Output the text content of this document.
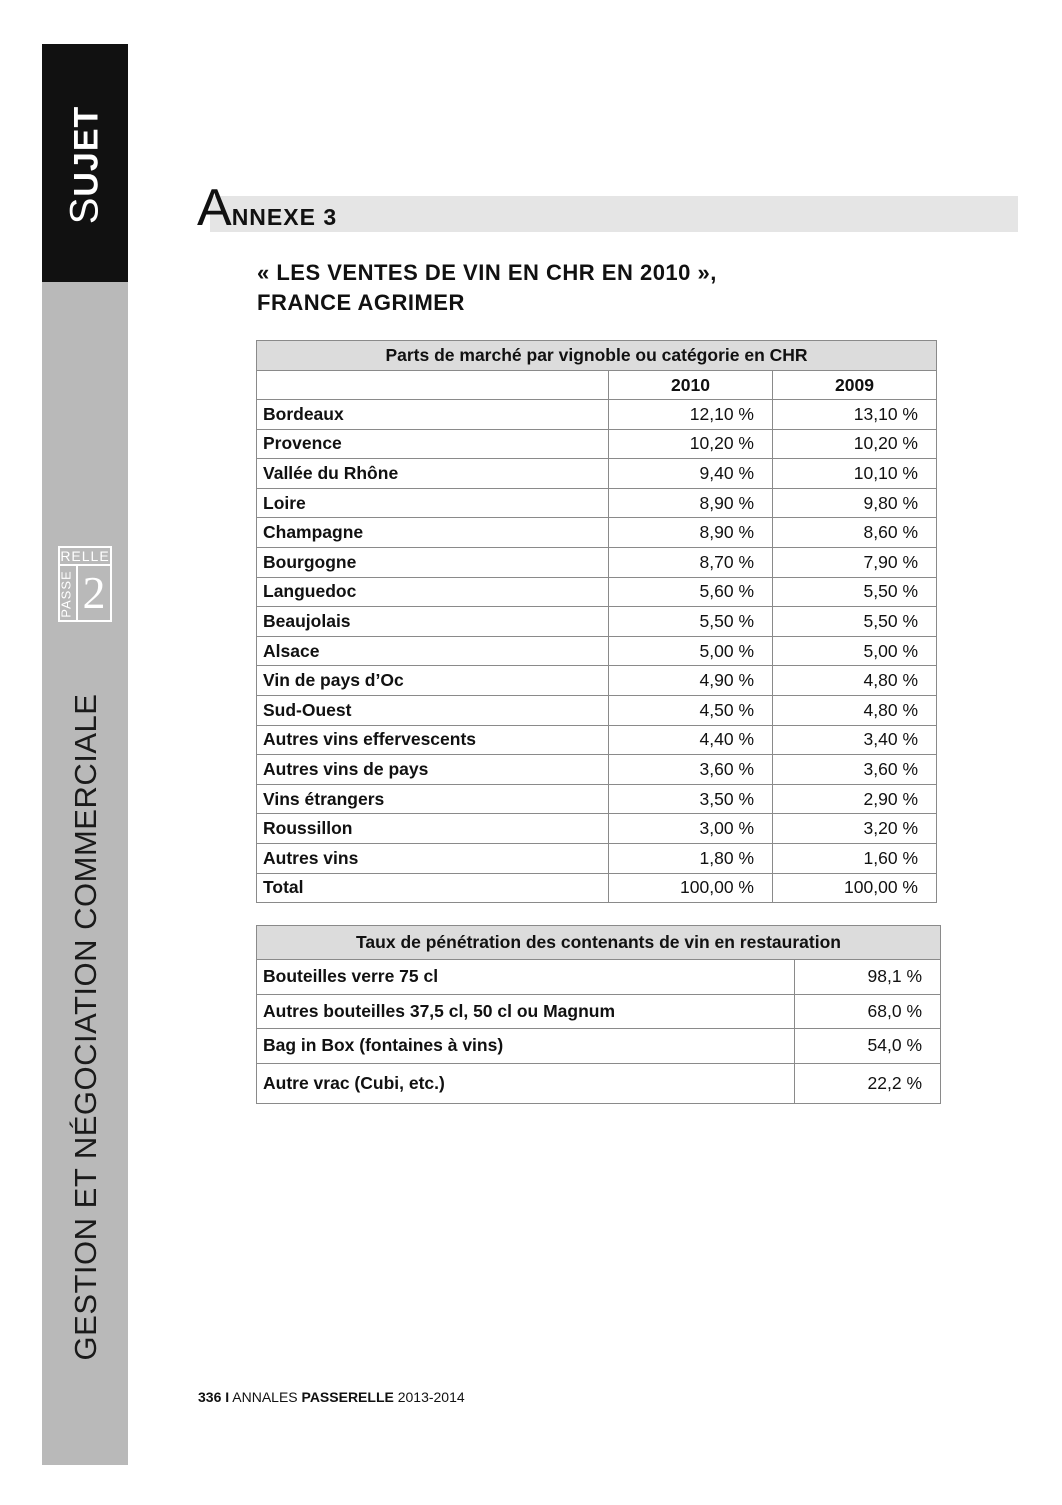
SUJET
RELLE
PASSE 2
GESTION ET NÉGOCIATION COMMERCIALE
ANNEXE 3
« LES VENTES DE VIN EN CHR EN 2010 »,
FRANCE AGRIMER
Parts de marché par vignoble ou catégorie en CHR		
	2010	2009
Bordeaux	12,10 %	13,10 %
Provence	10,20 %	10,20 %
Vallée du Rhône	9,40 %	10,10 %
Loire	8,90 %	9,80 %
Champagne	8,90 %	8,60 %
Bourgogne	8,70 %	7,90 %
Languedoc	5,60 %	5,50 %
Beaujolais	5,50 %	5,50 %
Alsace	5,00 %	5,00 %
Vin de pays d’Oc	4,90 %	4,80 %
Sud-Ouest	4,50 %	4,80 %
Autres vins effervescents	4,40 %	3,40 %
Autres vins de pays	3,60 %	3,60 %
Vins étrangers	3,50 %	2,90 %
Roussillon	3,00 %	3,20 %
Autres vins	1,80 %	1,60 %
Total	100,00 %	100,00 %
Taux de pénétration des contenants de vin en restauration	
Bouteilles verre 75 cl	98,1 %
Autres bouteilles 37,5 cl, 50 cl ou Magnum	68,0 %
Bag in Box (fontaines à vins)	54,0 %
Autre vrac (Cubi, etc.)	22,2 %
336 I ANNALES PASSERELLE 2013-2014
